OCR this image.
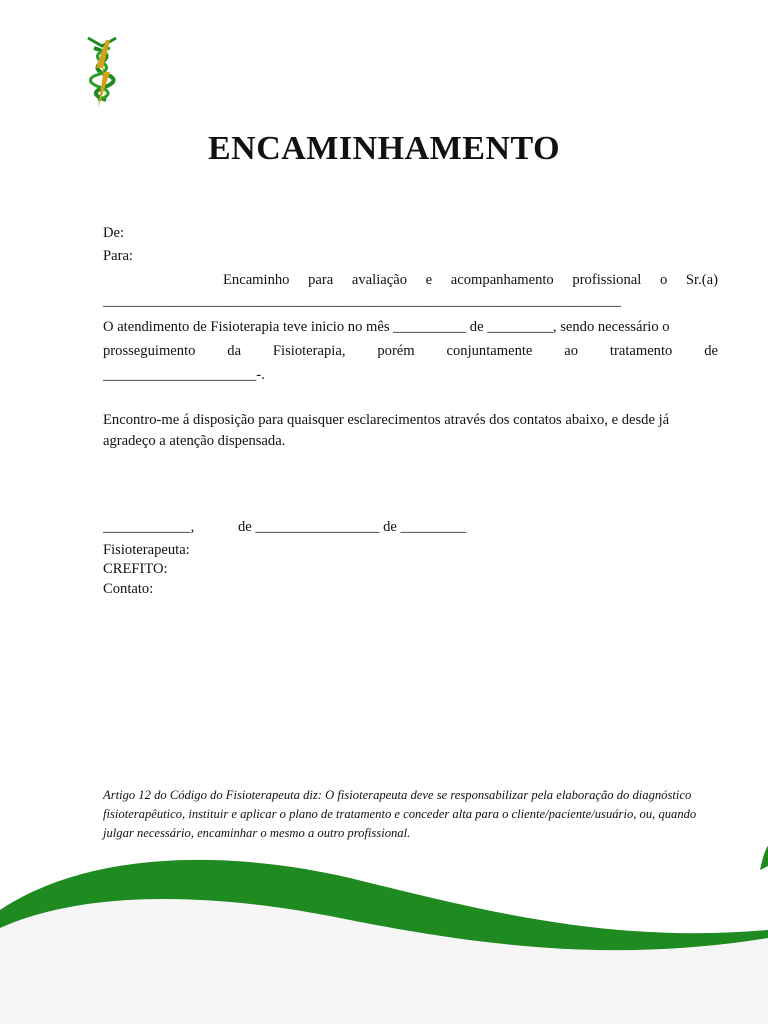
ENCAMINHAMENTO
De:
Para:
Encaminho para avaliação e acompanhamento profissional o Sr.(a)
_______________________________________________________________________
O atendimento de Fisioterapia teve inicio no mês __________ de _________, sendo necessário o
prosseguimento da Fisioterapia, porém conjuntamente ao tratamento de
_____________________-.
Encontro-me á disposição para quaisquer esclarecimentos através dos contatos abaixo, e desde já
agradeço a atenção dispensada.
____________,	de _________________ de _________
Fisioterapeuta:
CREFITO:
Contato:

Artigo 12 do Código do Fisioterapeuta diz: O fisioterapeuta deve se responsabilizar pela elaboração do diagnóstico fisioterapêutico, instituir e aplicar o plano de tratamento e conceder alta para o cliente/paciente/usuário, ou, quando julgar necessário, encaminhar o mesmo a outro profissional.
